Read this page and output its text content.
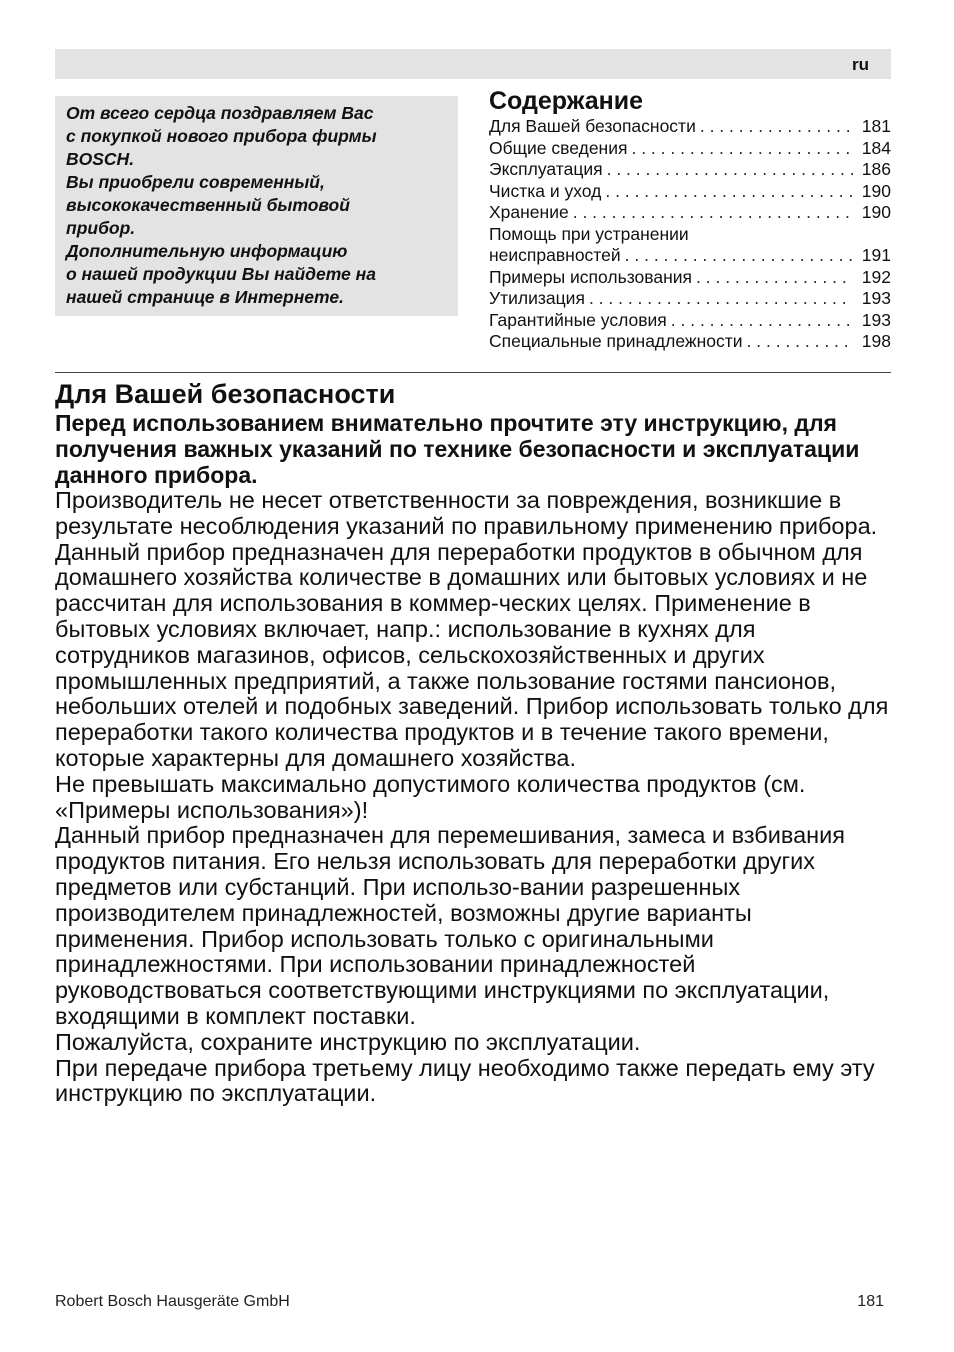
ru

От всего сердца поздравляем Вас
с покупкой нового прибора фирмы
BOSCH.
Вы приобрели современный,
высококачественный бытовой
прибор.
Дополнительную информацию
о нашей продукции Вы найдете на
нашей странице в Интернете.

Содержание
Для Вашей безопасности . . .	181
Общие сведения . . .	184
Эксплуатация . . .	186
Чистка и уход . . .	190
Хранение . . .	190
Помощь при устранении
неисправностей . . .	191
Примеры использования . . .	192
Утилизация . . .	193
Гарантийные условия . . .	193
Специальные принадлежности . . .	198
Для Вашей безопасности

Перед использованием внимательно прочтите эту инструкцию, для получения важных указаний по технике безопасности и эксплуатации данного прибора.

Производитель не несет ответственности за повреждения, возникшие в результате несоблюдения указаний по правильному применению прибора.

Данный прибор предназначен для переработки продуктов в обычном для домашнего хозяйства количестве в домашних или бытовых условиях и не рассчитан для использования в коммер-ческих целях. Применение в бытовых условиях включает, напр.: использование в кухнях для сотрудников магазинов, офисов, сельскохозяйственных и других промышленных предприятий, а также пользование гостями пансионов, небольших отелей и подобных заведений. Прибор использовать только для переработки такого количества продуктов и в течение такого времени, которые характерны для домашнего хозяйства.

Не превышать максимально допустимого количества продуктов (см. «Примеры использования»)!

Данный прибор предназначен для перемешивания, замеса и взбивания продуктов питания. Его нельзя использовать для переработки других предметов или субстанций. При использо-вании разрешенных производителем принадлежностей, возможны другие варианты применения. Прибор использовать только с оригинальными принадлежностями. При использовании принадлежностей руководствоваться соответствующими инструкциями по эксплуатации, входящими в комплект поставки.

Пожалуйста, сохраните инструкцию по эксплуатации.

При передаче прибора третьему лицу необходимо также передать ему эту инструкцию по эксплуатации.

Robert Bosch Hausgeräte GmbH	181
